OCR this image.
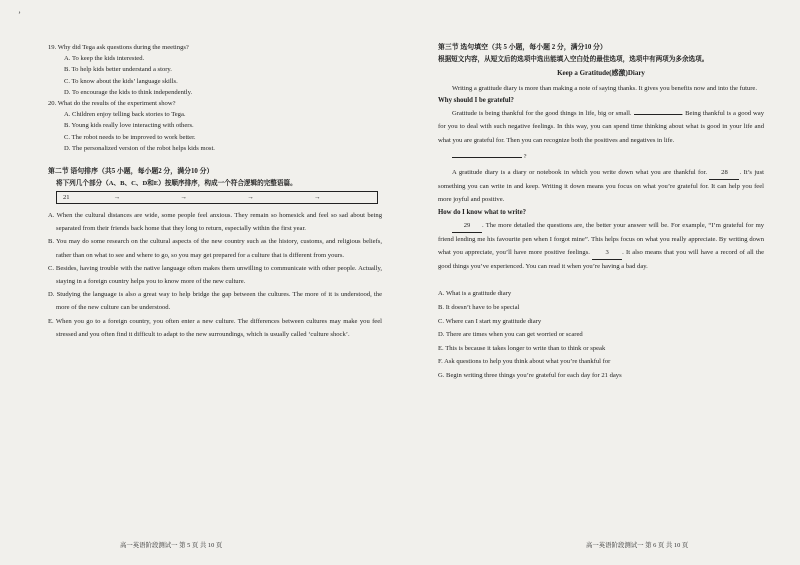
’

19. Why did Tega ask questions during the meetings?

A. To keep the kids interested.

B. To help kids better understand a story.

C. To know about the kids’ language skills.

D. To encourage the kids to think independently.

20. What do the results of the experiment show?

A. Children enjoy telling back stories to Tega.

B. Young kids really love interacting with others.

C. The robot needs to be improved to work better.

D. The personalized version of the robot helps kids most.

第二节 语句排序（共5 小题，每小题2 分，满分10 分）

将下列几个部分（A、B、C、D和E）按顺序排序，构成一个符合逻辑的完整语篇。

21	→	→	→	→

A. When the cultural distances are wide, some people feel anxious. They remain so homesick and feel so sad about being separated from their friends back home that they long to return, especially within the first year.

B. You may do some research on the cultural aspects of the new country such as the history, customs, and religious beliefs, rather than on what to see and where to go, so you may get prepared for a culture that is different from yours.

C. Besides, having trouble with the native language often makes them unwilling to communicate with other people. Actually, staying in a foreign country helps you to know more of the new culture.

D. Studying the language is also a great way to help bridge the gap between the cultures. The more of it is understood, the more of the new culture can be understood.

E. When you go to a foreign country, you often enter a new culture. The differences between cultures may make you feel stressed and you often find it difficult to adapt to the new surroundings, which is usually called ‘culture shock’.

高一英语阶段测试一 第 5 页 共 10 页

第三节 选句填空（共 5 小题，每小题 2 分，满分10 分）

根据短文内容，从短文后的选项中选出能填入空白处的最佳选项，选项中有两项为多余选项。

Keep a Gratitude(感激)Diary

Writing a gratitude diary is more than making a note of saying thanks. It gives you benefits now and into the future.

Why should I be grateful?

Gratitude is being thankful for the good things in life, big or small.	. Being thankful is a good way for you to deal with such negative feelings. In this way, you can spend time thinking about what is good in your life and what you are grateful for. Then you can recognize both the positives and negatives in life.

?

A gratitude diary is a diary or notebook in which you write down what you are thankful for. 28 . It’s just something you can write in and keep. Writing it down means you focus on what you’re grateful for. It can help you feel more joyful and positive.

How do I know what to write?

29 . The more detailed the questions are, the better your answer will be. For example, “I’m grateful for my friend lending me his favourite pen when I forgot mine”. This helps focus on what you really appreciate. By writing down what you appreciate, you’ll have more positive feelings. 3 . It also means that you will have a record of all the good things you’ve experienced. You can read it when you’re having a bad day.

A. What is a gratitude diary

B. It doesn’t have to be special

C. Where can I start my gratitude diary

D. There are times when you can get worried or scared

E. This is because it takes longer to write than to think or speak

F. Ask questions to help you think about what you’re thankful for

G. Begin writing three things you’re grateful for each day for 21 days

高一英语阶段测试一 第 6 页 共 10 页
